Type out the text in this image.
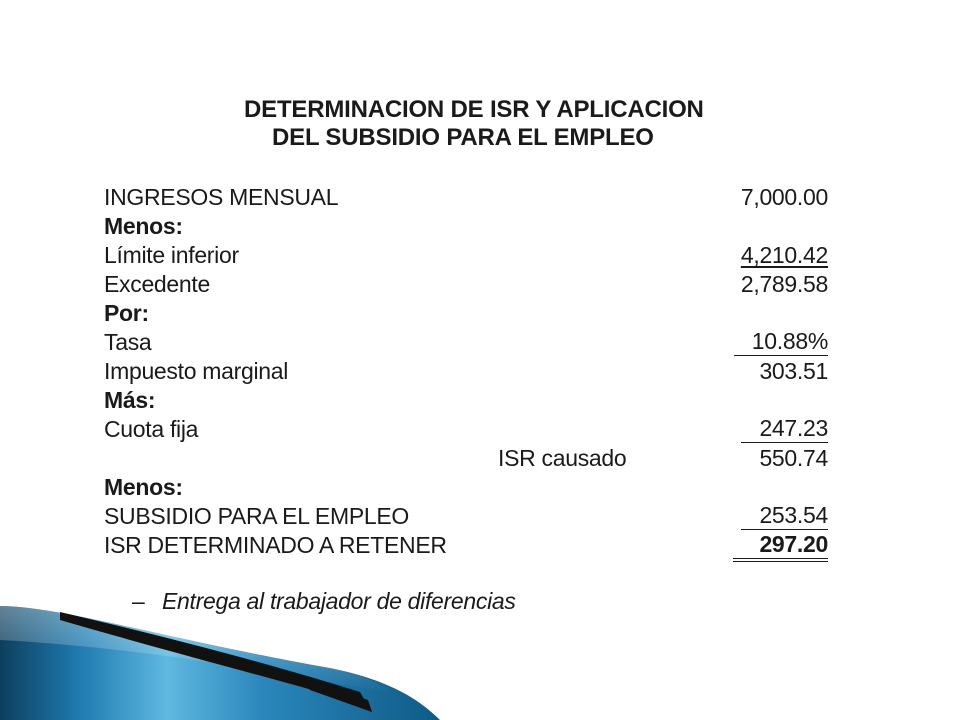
DETERMINACION DE ISR Y APLICACION
DEL SUBSIDIO PARA EL EMPLEO
INGRESOS MENSUAL	7,000.00
Menos:
Límite inferior	4,210.42
Excedente	2,789.58
Por:
Tasa	10.88%
Impuesto marginal	303.51
Más:
Cuota fija	247.23
ISR causado	550.74
Menos:
SUBSIDIO PARA EL EMPLEO	253.54
ISR DETERMINADO A RETENER	297.20
– Entrega al trabajador de diferencias
